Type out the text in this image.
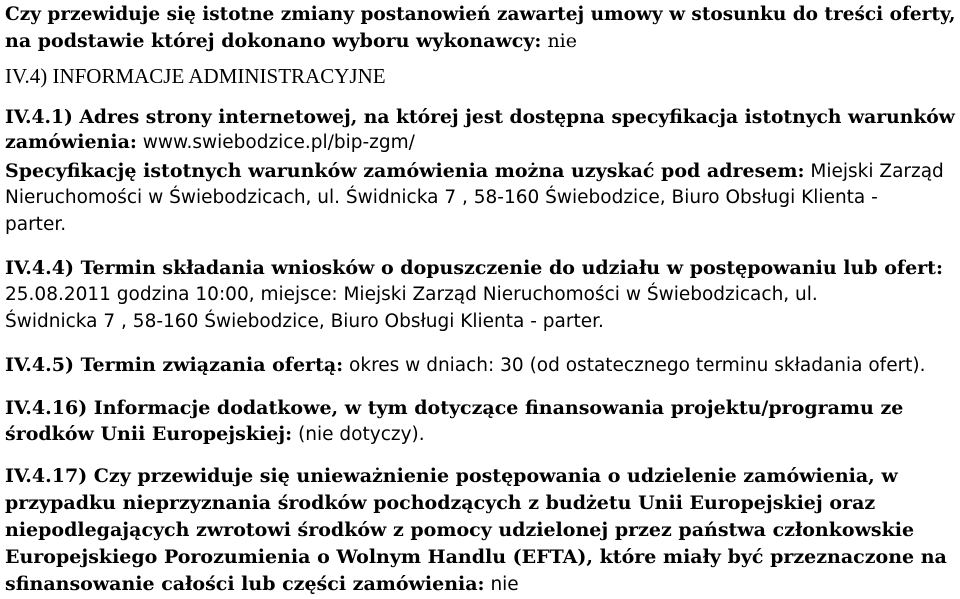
Czy przewiduje się istotne zmiany postanowień zawartej umowy w stosunku do treści oferty,
na podstawie której dokonano wyboru wykonawcy: nie
IV.4) INFORMACJE ADMINISTRACYJNE
IV.4.1) Adres strony internetowej, na której jest dostępna specyfikacja istotnych warunków
zamówienia: www.swiebodzice.pl/bip-zgm/
Specyfikację istotnych warunków zamówienia można uzyskać pod adresem: Miejski Zarząd
Nieruchomości w Świebodzicach, ul. Świdnicka 7 , 58-160 Świebodzice, Biuro Obsługi Klienta -
parter.
IV.4.4) Termin składania wniosków o dopuszczenie do udziału w postępowaniu lub ofert:
25.08.2011 godzina 10:00, miejsce: Miejski Zarząd Nieruchomości w Świebodzicach, ul.
Świdnicka 7 , 58-160 Świebodzice, Biuro Obsługi Klienta - parter.
IV.4.5) Termin związania ofertą: okres w dniach: 30 (od ostatecznego terminu składania ofert).
IV.4.16) Informacje dodatkowe, w tym dotyczące finansowania projektu/programu ze
środków Unii Europejskiej: (nie dotyczy).
IV.4.17) Czy przewiduje się unieważnienie postępowania o udzielenie zamówienia, w
przypadku nieprzyznania środków pochodzących z budżetu Unii Europejskiej oraz
niepodlegających zwrotowi środków z pomocy udzielonej przez państwa członkowskie
Europejskiego Porozumienia o Wolnym Handlu (EFTA), które miały być przeznaczone na
sfinansowanie całości lub części zamówienia: nie
